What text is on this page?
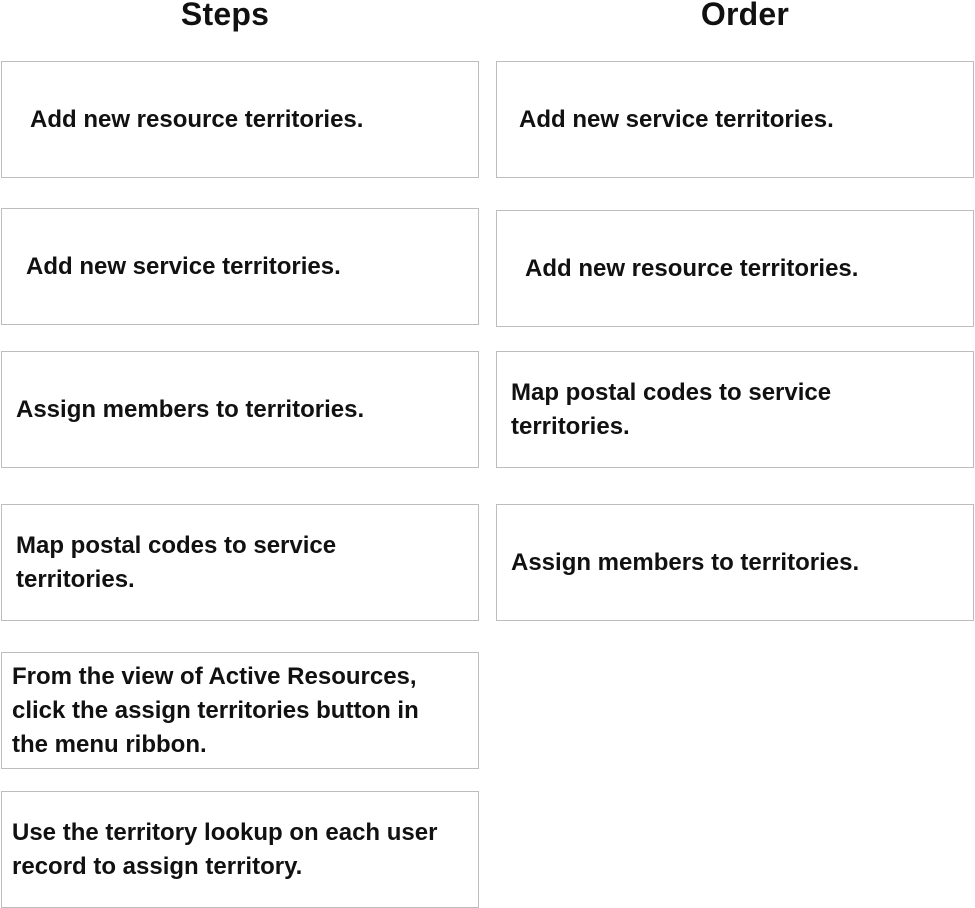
Steps	Order
Add new resource territories.
Add new service territories.
Assign members to territories.
Map postal codes to service territories.
From the view of Active Resources, click the assign territories button in the menu ribbon.
Use the territory lookup on each user record to assign territory.
Add new service territories.
Add new resource territories.
Map postal codes to service territories.
Assign members to territories.
